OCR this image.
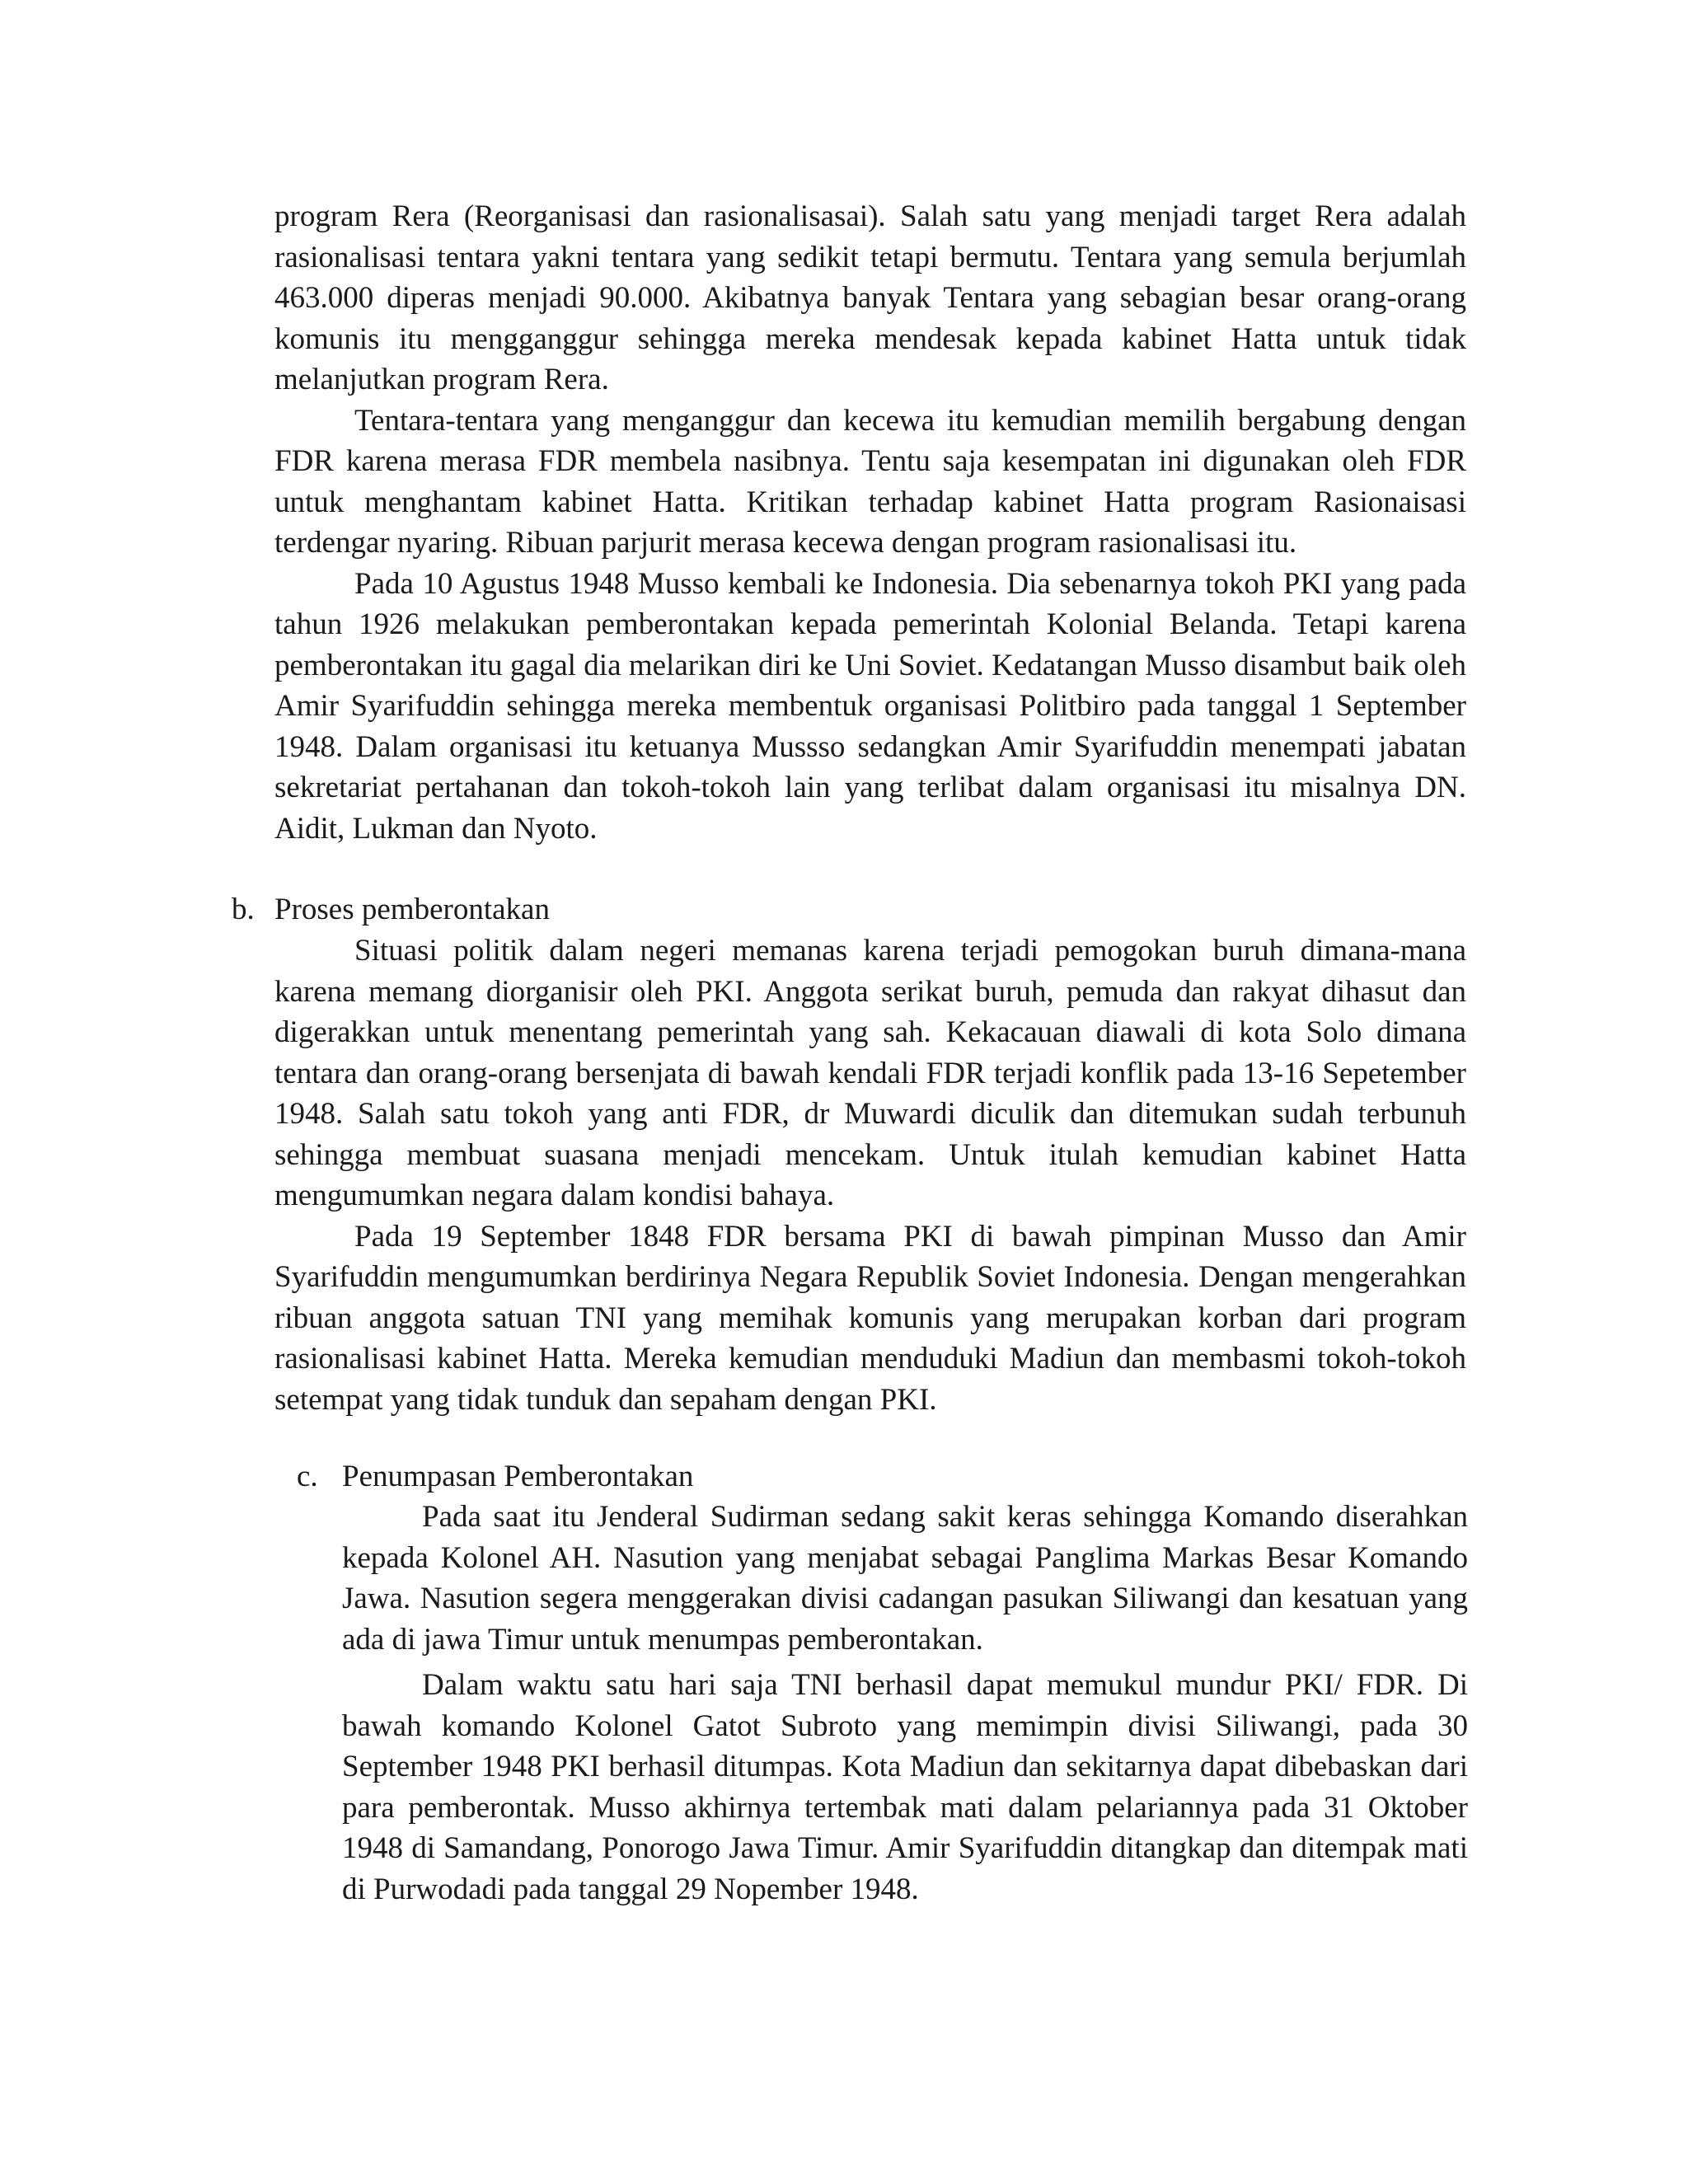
program Rera (Reorganisasi dan rasionalisasai). Salah satu yang menjadi target Rera adalah rasionalisasi tentara yakni tentara yang sedikit tetapi bermutu. Tentara yang semula berjumlah 463.000 diperas menjadi 90.000. Akibatnya banyak Tentara yang sebagian besar orang-orang komunis itu mengganggur sehingga mereka mendesak kepada kabinet Hatta untuk tidak melanjutkan program Rera.

Tentara-tentara yang menganggur dan kecewa itu kemudian memilih bergabung dengan FDR karena merasa FDR membela nasibnya. Tentu saja kesempatan ini digunakan oleh FDR untuk menghantam kabinet Hatta. Kritikan terhadap kabinet Hatta program Rasionaisasi terdengar nyaring. Ribuan parjurit merasa kecewa dengan program rasionalisasi itu.

Pada 10 Agustus 1948 Musso kembali ke Indonesia. Dia sebenarnya tokoh PKI yang pada tahun 1926 melakukan pemberontakan kepada pemerintah Kolonial Belanda. Tetapi karena pemberontakan itu gagal dia melarikan diri ke Uni Soviet. Kedatangan Musso disambut baik oleh Amir Syarifuddin sehingga mereka membentuk organisasi Politbiro pada tanggal 1 September 1948. Dalam organisasi itu ketuanya Mussso sedangkan Amir Syarifuddin menempati jabatan sekretariat pertahanan dan tokoh-tokoh lain yang terlibat dalam organisasi itu misalnya DN. Aidit, Lukman dan Nyoto.

b. Proses pemberontakan

Situasi politik dalam negeri memanas karena terjadi pemogokan buruh dimana-mana karena memang diorganisir oleh PKI. Anggota serikat buruh, pemuda dan rakyat dihasut dan digerakkan untuk menentang pemerintah yang sah. Kekacauan diawali di kota Solo dimana tentara dan orang-orang bersenjata di bawah kendali FDR terjadi konflik pada 13-16 Sepetember 1948. Salah satu tokoh yang anti FDR, dr Muwardi diculik dan ditemukan sudah terbunuh sehingga membuat suasana menjadi mencekam. Untuk itulah kemudian kabinet Hatta mengumumkan negara dalam kondisi bahaya.

Pada 19 September 1848 FDR bersama PKI di bawah pimpinan Musso dan Amir Syarifuddin mengumumkan berdirinya Negara Republik Soviet Indonesia. Dengan mengerahkan ribuan anggota satuan TNI yang memihak komunis yang merupakan korban dari program rasionalisasi kabinet Hatta. Mereka kemudian menduduki Madiun dan membasmi tokoh-tokoh setempat yang tidak tunduk dan sepaham dengan PKI.

c. Penumpasan Pemberontakan

Pada saat itu Jenderal Sudirman sedang sakit keras sehingga Komando diserahkan kepada Kolonel AH. Nasution yang menjabat sebagai Panglima Markas Besar Komando Jawa. Nasution segera menggerakan divisi cadangan pasukan Siliwangi dan kesatuan yang ada di jawa Timur untuk menumpas pemberontakan.

Dalam waktu satu hari saja TNI berhasil dapat memukul mundur PKI/ FDR. Di bawah komando Kolonel Gatot Subroto yang memimpin divisi Siliwangi, pada 30 September 1948 PKI berhasil ditumpas. Kota Madiun dan sekitarnya dapat dibebaskan dari para pemberontak. Musso akhirnya tertembak mati dalam pelariannya pada 31 Oktober 1948 di Samandang, Ponorogo Jawa Timur. Amir Syarifuddin ditangkap dan ditempak mati di Purwodadi pada tanggal 29 Nopember 1948.
